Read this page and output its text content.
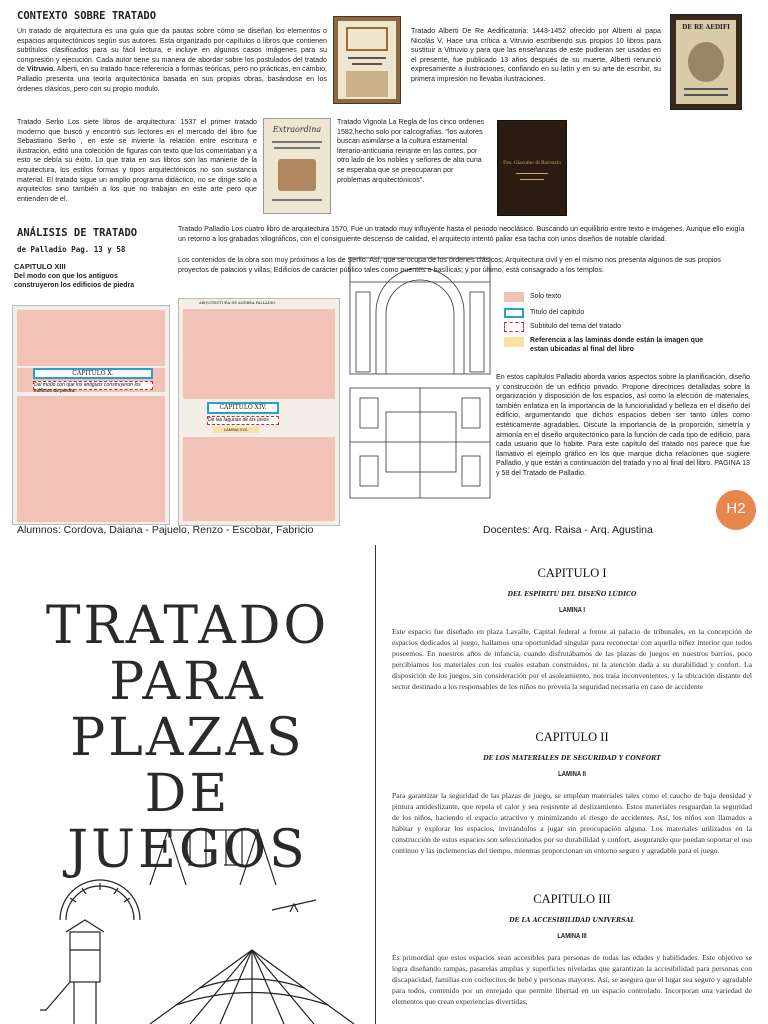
CONTEXTO SOBRE TRATADO
Un tratado de arquitectura es una guía que da pautas sobre cómo se diseñan los elementos o espacios arquitectónicos según sus autores. Esta organizado por capítulos o libros que contienen subtítulos clasificados para su fácil lectura, e incluye en algunos casos imágenes para su compresión y ejecución. Cada autor tiene su manera de abordar sobre los postulados del tratado de Vitruvio. Alberti, en su tratado hace referencia a formas teóricas, pero no prácticas, en cambio, Palladio presenta una teoría arquitectónica basada en sus propias obras, basándose en los órdenes clásicos, pero con su propio modulo.
DE RE AEDIFI
Tratado Alberti De Re Aedificatoria: 1443-1452 ofrecido por Alberti al papa Nicolás V, Hace una crítica a Vitruvio escribiendo sus propios 10 libros para sustituir a Vitruvio y para que las enseñanzas de este pudieran ser usadas en el presente, fue publicado 13 años después de su muerte, Alberti renunció expresamente a ilustraciones, confiando en su latín y en su arte de escribir, su primera impresión no llevaba ilustraciones.
Tratado Serlio Los siete libros de arquitectura: 1537 el primer tratado moderno que buscó y encontró sus lectores en el mercado del libro fue Sebastiano Serlio , en este se invierte la relación entre escritura e ilustración, editó una colección de figuras con texto que los comentaban y a esto se debía su éxito. Lo que trata en sus libros son las manierie de la arquitectura, los estilos formas y tipos arquitectónicos no son sustancia material. El tratado sigue un amplio programa didáctico, no se dirige solo a arquitectos sino también a los que no trabajan en este arte pero que entienden de el.
Extraordina
Tratado Vignola La Regla de los cinco ordenes 1582,hecho solo por calcografías. "los autores buscan asimilarse a la cultura estamental literario-anticuaria reinante en las cortes, por otro lado de los nobles y señores de alta cuna se esperaba que se preocuparan por problemas arquitectónicos".
Fra. Giacomo di Barozzio
ANÁLISIS DE TRATADO
de Palladio Pag. 13 y 58
CAPITULO XIII
Del modo con que los antiguos construyeron los edificios de piedra
Tratado Palladio Los cuatro libro de arquitectura 1570, Fue un tratado muy influyente hasta el periodo neoclásico. Buscando un equilibrio entre texto e imágenes. Aunque ello exigía un retorno a los grabados xilográficos, con el consiguiente descenso de calidad, el arquitecto intentó paliar esa tacha con unos diseños de notable claridad.
Los contenidos de la obra son muy próximos a los de Serlio. Así, que se ocupa de los órdenes clásicos; Arquitectura civil y en el mismo nos presenta algunos de sus propios proyectos de palacios y villas; Edificios de carácter público tales como puentes o basílicas; y por último, está consagrado a los templos.
CAPITULO X.
Del modo con que los antiguos construyeron los edificios de piedra.
ARQUITECTURA DE ANDREA PALLADIO.
CAPITULO XIV.
De las lagunas de los pisos
LAMINA XXII.
Solo texto
Titulo del capitulo
Subtitulo del tema del tratado
Referencia a las laminas donde están la imagen que estan ubicadas al final del libro
En estos capítulos Palladio aborda varios aspectos sobre la planificación, diseño y construcción de un edificio privado. Propone directrices detalladas sobre la organización y disposición de los espacios, así como la elección de materiales, también enfatiza en la importancia de la funcionalidad y belleza en el diseño del edificio, argumentando que dichos espacios deben ser tanto útiles como estéticamente agradables. Discute la importancia de la proporción, simetría y armonía en el diseño arquitectónico para la función de cada tipo de edificio, para cada usuario que lo habite. Para este capítulo del tratado nos parece que fue llamativo el ejemplo gráfico en los que marque dicha relaciones que sugiere Palladio, y que están a continuación del tratado y no al final del libro. PAGINA 13 y 58 del Tratado de Palladio.
H2
Alumnos: Cordova, Daiana - Pajuelo, Renzo - Escobar, Fabricio	Docentes: Arq. Raisa - Arq. Agustina
TRATADO
PARA
PLAZAS
DE
JUEGOS
CAPITULO I
DEL ESPÍRITU DEL DISEÑO LÚDICO
LAMINA I
Este espacio fue diseñado en plaza Lavalle, Capital federal a frente al palacio de tribunales, en la concepción de espacios dedicados al juego, hallamos una oportunidad singular para reconectar con aquella niñez interior que todos poseemos. En nuestros años de infancia, cuando disfrutábamos de las plazas de juegos en nuestros barrios, poco percibíamos los materiales con los cuales estaban construidos, ni la atención dada a su durabilidad y confort. La disposición de los juegos, sin consideración por el asoleamiento, nos traía inconvenientes, y la ubicación distante del sector destinado a los responsables de los niños no proveía la seguridad necesaria en caso de accidente
CAPITULO II
DE LOS MATERIALES DE SEGURIDAD Y CONFORT
LAMINA II
Para garantizar la seguridad de las plazas de juego, se emplean materiales tales como el caucho de baja densidad y pintura antideslizante, que repela el calor y sea resistente al deslizamiento. Estos materiales resguardan la seguridad de los niños, haciendo el espacio atractivo y minimizando el riesgo de accidentes. Así, los niños son llamados a habitar y explorar los espacios, invitándolos a jugar sin preocupación alguna. Los materiales utilizados en la construcción de estos espacios son seleccionados por su durabilidad y confort, asegurando que puedan soportar el uso continuo y las inclemencias del tiempo, mientras proporcionan un entorno seguro y agradable para el juego.
CAPITULO III
DE LA ACCESIBILIDAD UNIVERSAL
LAMINA III
Es primordial que estos espacios sean accesibles para personas de todas las edades y habilidades. Este objetivo se logra diseñando rampas, pasarelas amplias y superficies niveladas que garantizan la accesibilidad para personas con discapacidad, familias con cochecitos de bebé y personas mayores. Así, se asegura que el lugar sea seguro y agradable para todos, contenido por un enrejado que permite libertad en un espacio controlado. Incorporan una variedad de elementos que crean experiencias divertidas,
